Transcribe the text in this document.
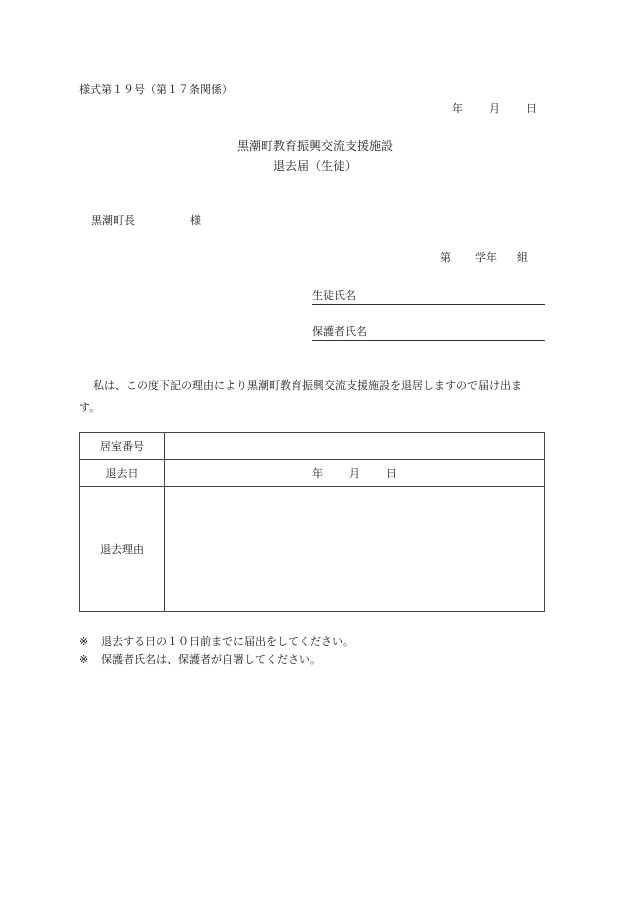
様式第１９号（第１７条関係）
年 月 日
黒潮町教育振興交流支援施設
退去届（生徒）
黒潮町長	様
第 学年 組
生徒氏名
保護者氏名
私は、この度下記の理由により黒潮町教育振興交流支援施設を退居しますので届け出ま
す。
居室番号	
退去日	年 月 日
退去理由	
※ 退去する日の１０日前までに届出をしてください。
※ 保護者氏名は、保護者が自署してください。
